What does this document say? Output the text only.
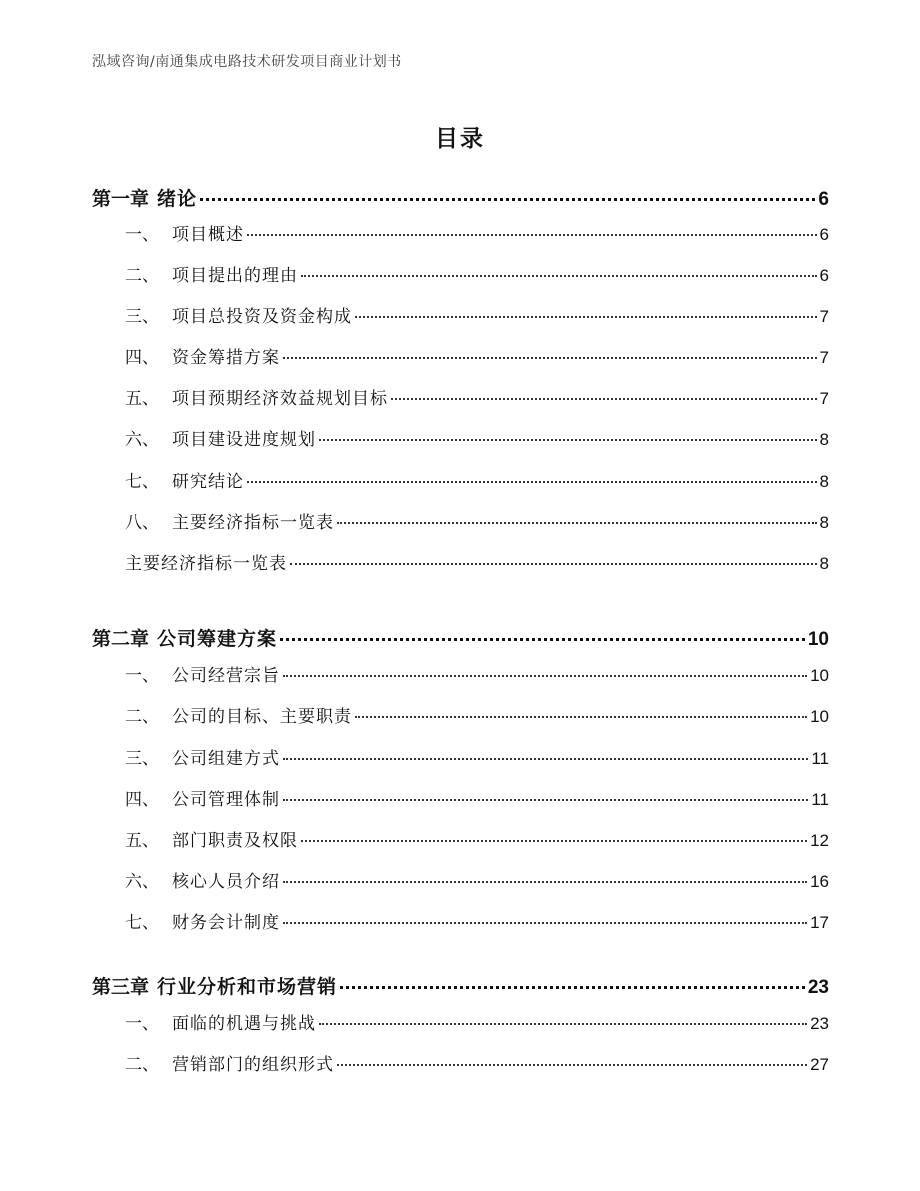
泓域咨询/南通集成电路技术研发项目商业计划书
目录
第一章 绪论	6
一、 项目概述	6
二、 项目提出的理由	6
三、 项目总投资及资金构成	7
四、 资金筹措方案	7
五、 项目预期经济效益规划目标	7
六、 项目建设进度规划	8
七、 研究结论	8
八、 主要经济指标一览表	8
主要经济指标一览表	8
第二章 公司筹建方案	10
一、 公司经营宗旨	10
二、 公司的目标、主要职责	10
三、 公司组建方式	11
四、 公司管理体制	11
五、 部门职责及权限	12
六、 核心人员介绍	16
七、 财务会计制度	17
第三章 行业分析和市场营销	23
一、 面临的机遇与挑战	23
二、 营销部门的组织形式	27
